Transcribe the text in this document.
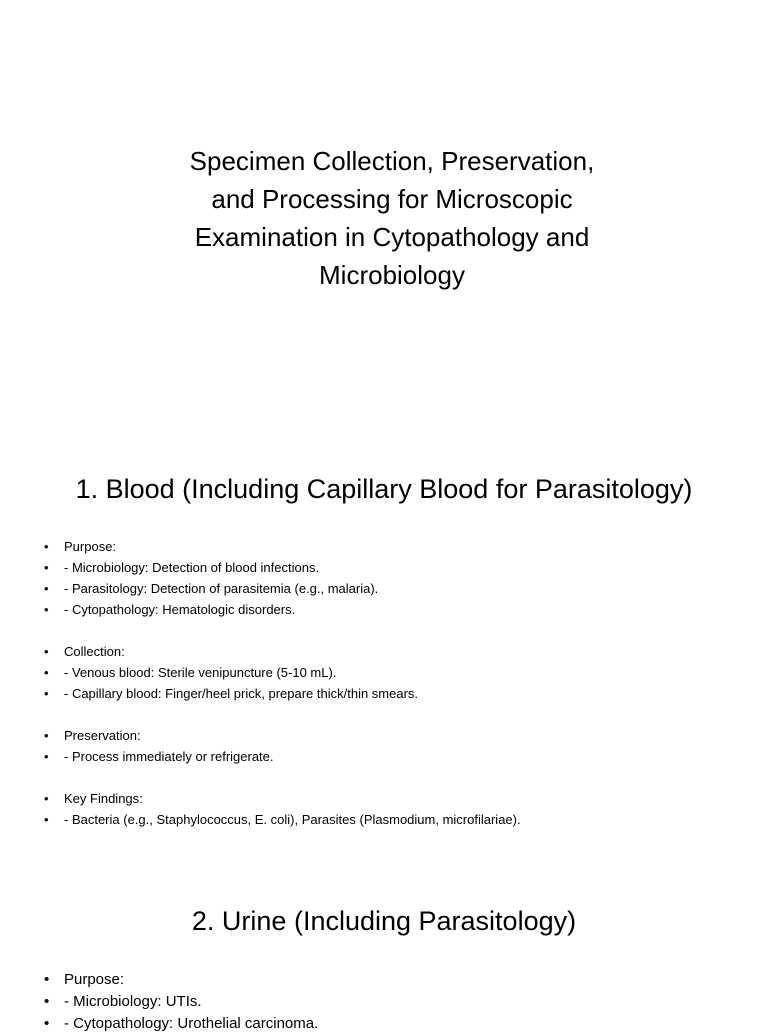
Specimen Collection, Preservation,
and Processing for Microscopic
Examination in Cytopathology and
Microbiology
1. Blood (Including Capillary Blood for Parasitology)
• Purpose:
• - Microbiology: Detection of blood infections.
• - Parasitology: Detection of parasitemia (e.g., malaria).
• - Cytopathology: Hematologic disorders.
• Collection:
• - Venous blood: Sterile venipuncture (5-10 mL).
• - Capillary blood: Finger/heel prick, prepare thick/thin smears.
• Preservation:
• - Process immediately or refrigerate.
• Key Findings:
• - Bacteria (e.g., Staphylococcus, E. coli), Parasites (Plasmodium, microfilariae).
2. Urine (Including Parasitology)
• Purpose:
• - Microbiology: UTIs.
• - Cytopathology: Urothelial carcinoma.
